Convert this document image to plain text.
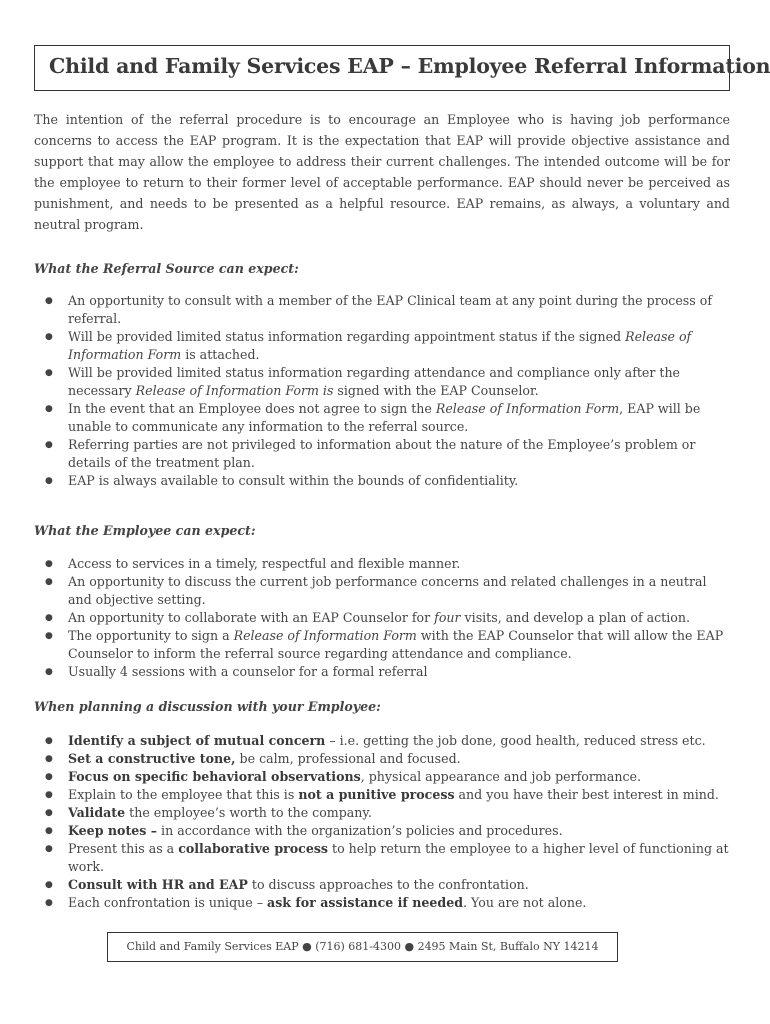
Child and Family Services EAP – Employee Referral Information

The intention of the referral procedure is to encourage an Employee who is having job performance concerns to access the EAP program. It is the expectation that EAP will provide objective assistance and support that may allow the employee to address their current challenges. The intended outcome will be for the employee to return to their former level of acceptable performance. EAP should never be perceived as punishment, and needs to be presented as a helpful resource. EAP remains, as always, a voluntary and neutral program.

What the Referral Source can expect:
● An opportunity to consult with a member of the EAP Clinical team at any point during the process of referral.
● Will be provided limited status information regarding appointment status if the signed Release of Information Form is attached.
● Will be provided limited status information regarding attendance and compliance only after the necessary Release of Information Form is signed with the EAP Counselor.
● In the event that an Employee does not agree to sign the Release of Information Form, EAP will be unable to communicate any information to the referral source.
● Referring parties are not privileged to information about the nature of the Employee’s problem or details of the treatment plan.
● EAP is always available to consult within the bounds of confidentiality.
What the Employee can expect:
● Access to services in a timely, respectful and flexible manner.
● An opportunity to discuss the current job performance concerns and related challenges in a neutral and objective setting.
● An opportunity to collaborate with an EAP Counselor for four visits, and develop a plan of action.
● The opportunity to sign a Release of Information Form with the EAP Counselor that will allow the EAP Counselor to inform the referral source regarding attendance and compliance.
● Usually 4 sessions with a counselor for a formal referral
When planning a discussion with your Employee:
● Identify a subject of mutual concern – i.e. getting the job done, good health, reduced stress etc.
● Set a constructive tone, be calm, professional and focused.
● Focus on specific behavioral observations, physical appearance and job performance.
● Explain to the employee that this is not a punitive process and you have their best interest in mind.
● Validate the employee’s worth to the company.
● Keep notes – in accordance with the organization’s policies and procedures.
● Present this as a collaborative process to help return the employee to a higher level of functioning at work.
● Consult with HR and EAP to discuss approaches to the confrontation.
● Each confrontation is unique – ask for assistance if needed. You are not alone.
Child and Family Services EAP ● (716) 681-4300 ● 2495 Main St, Buffalo NY 14214
